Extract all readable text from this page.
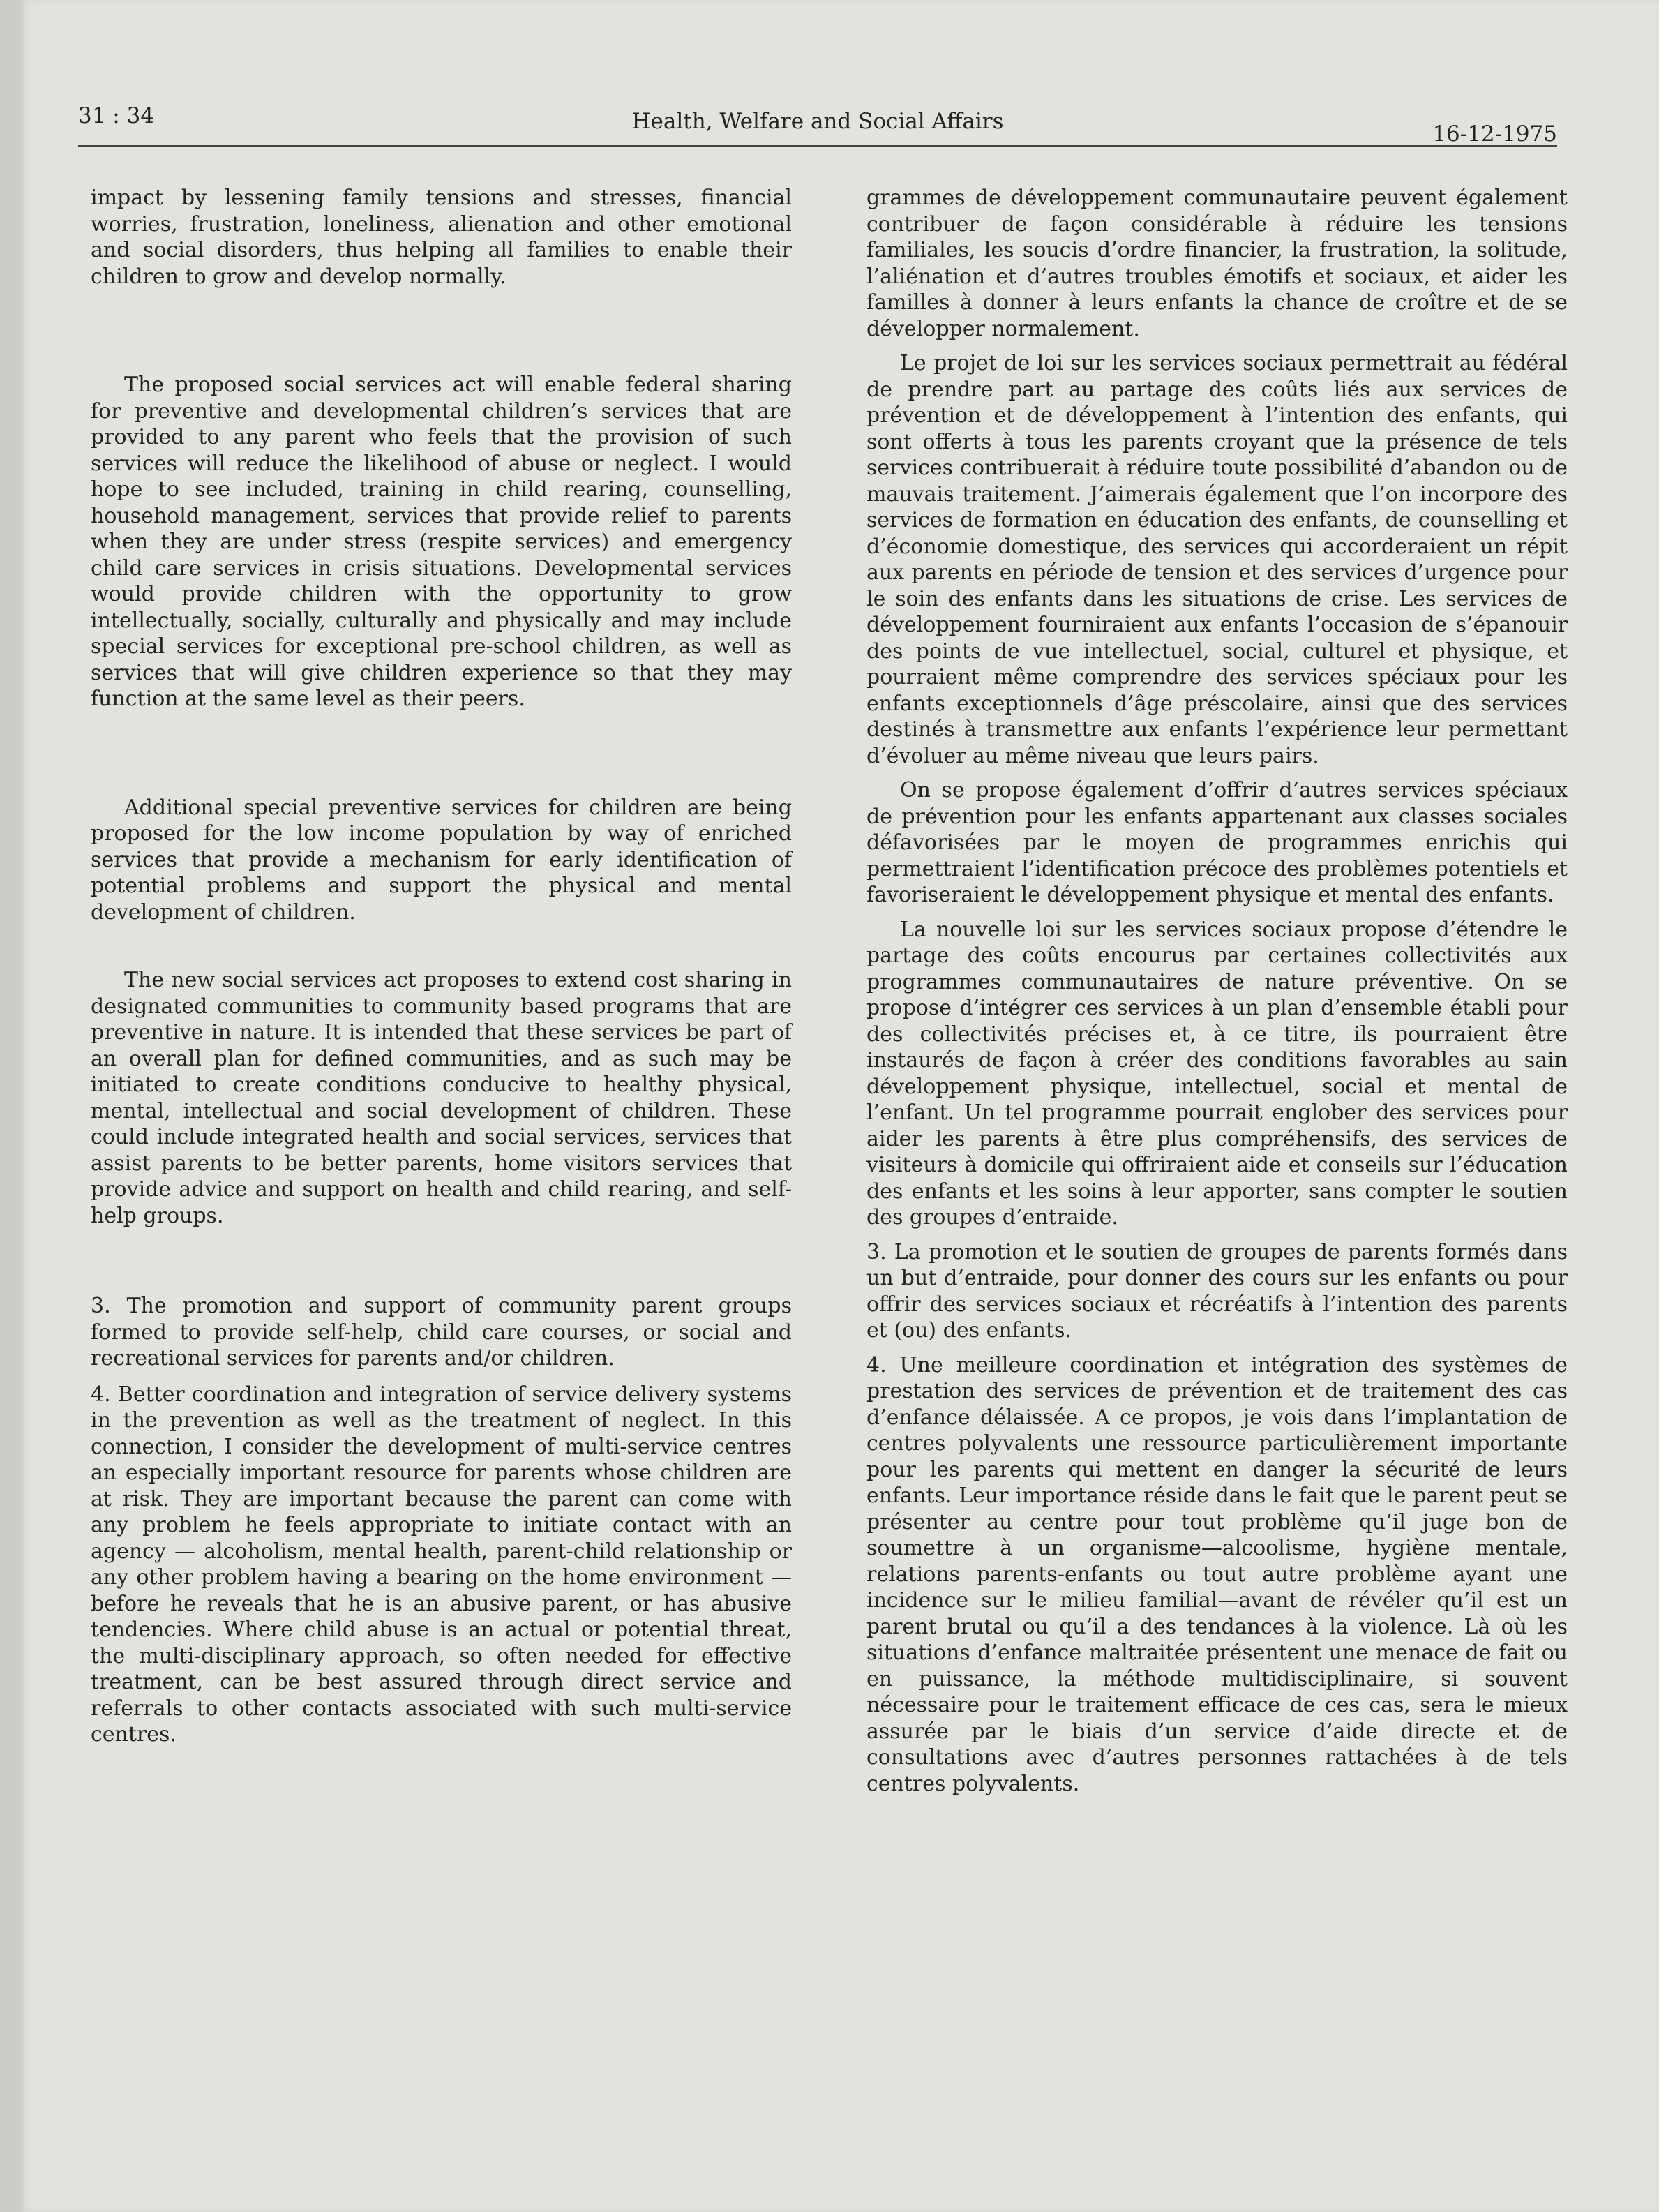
31 : 34	Health, Welfare and Social Affairs	16-12-1975

impact by lessening family tensions and stresses, financial worries, frustration, loneliness, alienation and other emotional and social disorders, thus helping all families to enable their children to grow and develop normally.

The proposed social services act will enable federal sharing for preventive and developmental children’s services that are provided to any parent who feels that the provision of such services will reduce the likelihood of abuse or neglect. I would hope to see included, training in child rearing, counselling, household management, services that provide relief to parents when they are under stress (respite services) and emergency child care services in crisis situations. Developmental services would provide children with the opportunity to grow intellectually, socially, culturally and physically and may include special services for exceptional pre-school children, as well as services that will give children experience so that they may function at the same level as their peers.

Additional special preventive services for children are being proposed for the low income population by way of enriched services that provide a mechanism for early identification of potential problems and support the physical and mental development of children.

The new social services act proposes to extend cost sharing in designated communities to community based programs that are preventive in nature. It is intended that these services be part of an overall plan for defined communities, and as such may be initiated to create conditions conducive to healthy physical, mental, intellectual and social development of children. These could include integrated health and social services, services that assist parents to be better parents, home visitors services that provide advice and support on health and child rearing, and self-help groups.

3. The promotion and support of community parent groups formed to provide self-help, child care courses, or social and recreational services for parents and/or children.

4. Better coordination and integration of service delivery systems in the prevention as well as the treatment of neglect. In this connection, I consider the development of multi-service centres an especially important resource for parents whose children are at risk. They are important because the parent can come with any problem he feels appropriate to initiate contact with an agency — alcoholism, mental health, parent-child relationship or any other problem having a bearing on the home environment — before he reveals that he is an abusive parent, or has abusive tendencies. Where child abuse is an actual or potential threat, the multi-disciplinary approach, so often needed for effective treatment, can be best assured through direct service and referrals to other contacts associated with such multi-service centres.

grammes de développement communautaire peuvent également contribuer de façon considérable à réduire les tensions familiales, les soucis d’ordre financier, la frustration, la solitude, l’aliénation et d’autres troubles émotifs et sociaux, et aider les familles à donner à leurs enfants la chance de croître et de se développer normalement.

Le projet de loi sur les services sociaux permettrait au fédéral de prendre part au partage des coûts liés aux services de prévention et de développement à l’intention des enfants, qui sont offerts à tous les parents croyant que la présence de tels services contribuerait à réduire toute possibilité d’abandon ou de mauvais traitement. J’aimerais également que l’on incorpore des services de formation en éducation des enfants, de counselling et d’économie domestique, des services qui accorderaient un répit aux parents en période de tension et des services d’urgence pour le soin des enfants dans les situations de crise. Les services de développement fourniraient aux enfants l’occasion de s’épanouir des points de vue intellectuel, social, culturel et physique, et pourraient même comprendre des services spéciaux pour les enfants exceptionnels d’âge préscolaire, ainsi que des services destinés à transmettre aux enfants l’expérience leur permettant d’évoluer au même niveau que leurs pairs.

On se propose également d’offrir d’autres services spéciaux de prévention pour les enfants appartenant aux classes sociales défavorisées par le moyen de programmes enrichis qui permettraient l’identification précoce des problèmes potentiels et favoriseraient le développement physique et mental des enfants.

La nouvelle loi sur les services sociaux propose d’étendre le partage des coûts encourus par certaines collectivités aux programmes communautaires de nature préventive. On se propose d’intégrer ces services à un plan d’ensemble établi pour des collectivités précises et, à ce titre, ils pourraient être instaurés de façon à créer des conditions favorables au sain développement physique, intellectuel, social et mental de l’enfant. Un tel programme pourrait englober des services pour aider les parents à être plus compréhensifs, des services de visiteurs à domicile qui offriraient aide et conseils sur l’éducation des enfants et les soins à leur apporter, sans compter le soutien des groupes d’entraide.

3. La promotion et le soutien de groupes de parents formés dans un but d’entraide, pour donner des cours sur les enfants ou pour offrir des services sociaux et récréatifs à l’intention des parents et (ou) des enfants.

4. Une meilleure coordination et intégration des systèmes de prestation des services de prévention et de traitement des cas d’enfance délaissée. A ce propos, je vois dans l’implantation de centres polyvalents une ressource particulièrement importante pour les parents qui mettent en danger la sécurité de leurs enfants. Leur importance réside dans le fait que le parent peut se présenter au centre pour tout problème qu’il juge bon de soumettre à un organisme—alcoolisme, hygiène mentale, relations parents-enfants ou tout autre problème ayant une incidence sur le milieu familial—avant de révéler qu’il est un parent brutal ou qu’il a des tendances à la violence. Là où les situations d’enfance maltraitée présentent une menace de fait ou en puissance, la méthode multidisciplinaire, si souvent nécessaire pour le traitement efficace de ces cas, sera le mieux assurée par le biais d’un service d’aide directe et de consultations avec d’autres personnes rattachées à de tels centres polyvalents.
